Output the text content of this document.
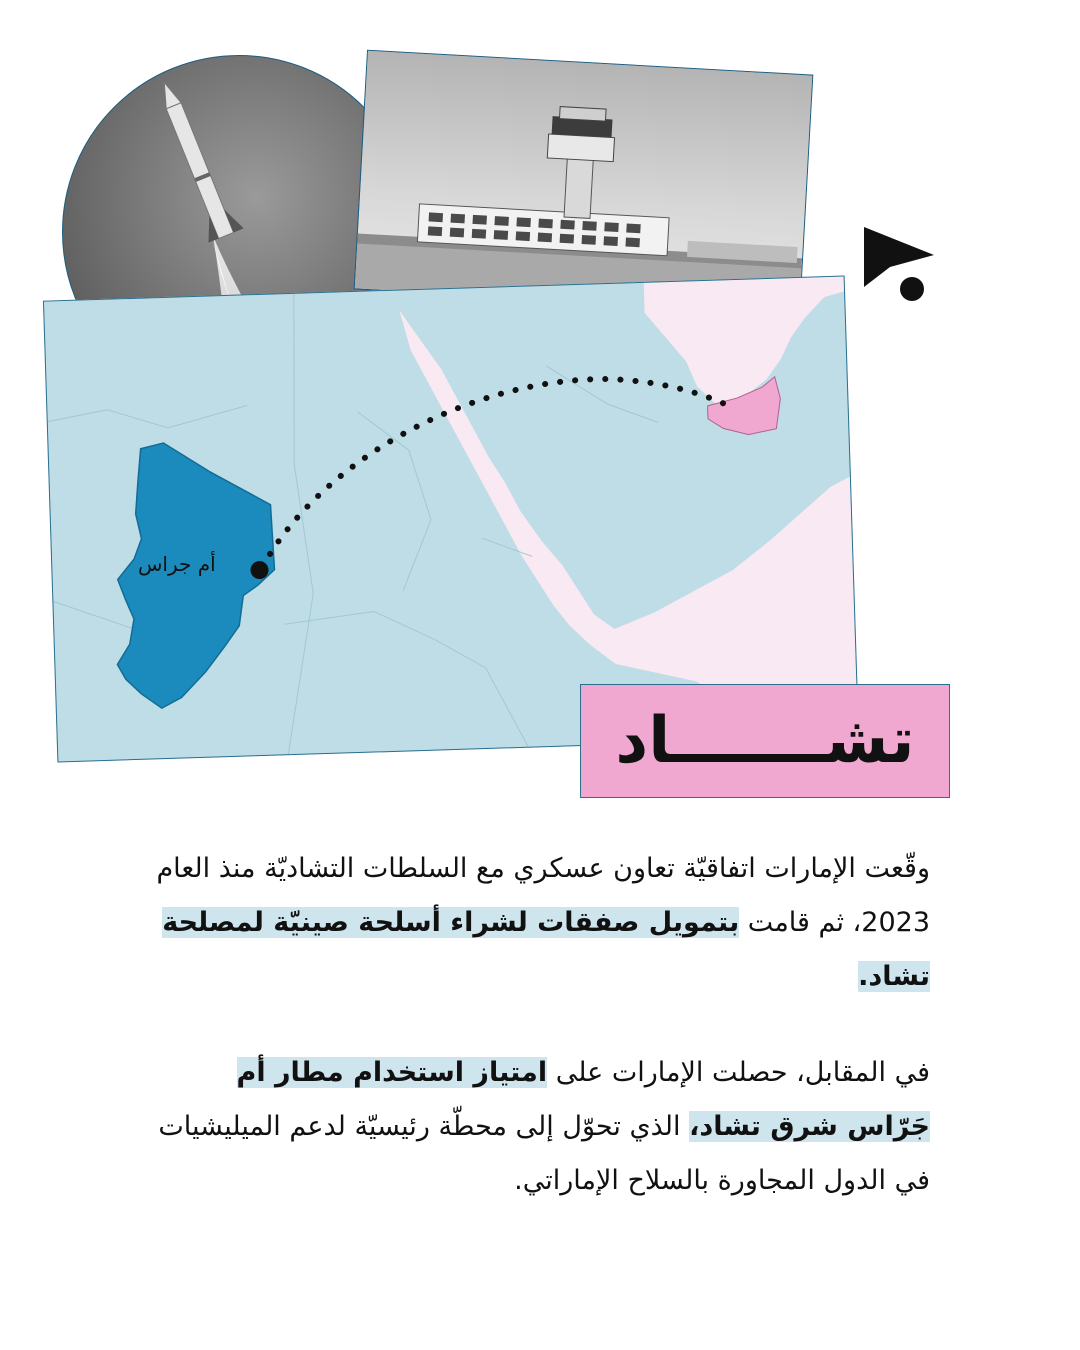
أم جراس
تشـــــــاد
وقّعت الإمارات اتفاقيّة تعاون عسكري مع السلطات التشاديّة منذ العام 2023، ثم قامت بتمويل صفقات لشراء أسلحة صينيّة لمصلحة تشاد.
في المقابل، حصلت الإمارات على امتياز استخدام مطار أم جَرّاس شرق تشاد، الذي تحوّل إلى محطّة رئيسيّة لدعم الميليشيات في الدول المجاورة بالسلاح الإماراتي.
